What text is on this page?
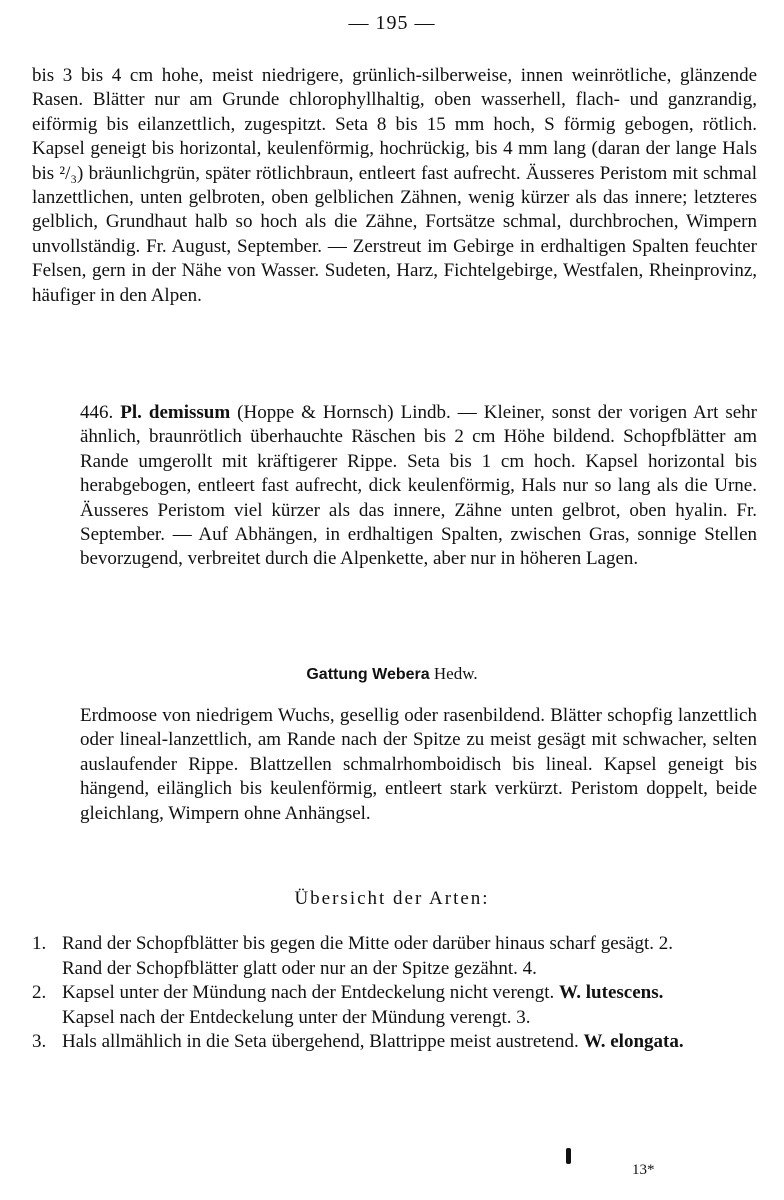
— 195 —
bis 3 bis 4 cm hohe, meist niedrigere, grünlich-silberweise, innen weinrötliche, glänzende Rasen. Blätter nur am Grunde chlorophyllhaltig, oben wasserhell, flach- und ganzrandig, eiförmig bis eilanzettlich, zugespitzt. Seta 8 bis 15 mm hoch, S förmig gebogen, rötlich. Kapsel geneigt bis horizontal, keulenförmig, hochrückig, bis 4 mm lang (daran der lange Hals bis ²/₃) bräunlichgrün, später rötlichbraun, entleert fast aufrecht. Äusseres Peristom mit schmal lanzettlichen, unten gelbroten, oben gelblichen Zähnen, wenig kürzer als das innere; letzteres gelblich, Grundhaut halb so hoch als die Zähne, Fortsätze schmal, durchbrochen, Wimpern unvollständig. Fr. August, September. — Zerstreut im Gebirge in erdhaltigen Spalten feuchter Felsen, gern in der Nähe von Wasser. Sudeten, Harz, Fichtelgebirge, Westfalen, Rheinprovinz, häufiger in den Alpen.
446. Pl. demissum (Hoppe & Hornsch) Lindb. — Kleiner, sonst der vorigen Art sehr ähnlich, braunrötlich überhauchte Räschen bis 2 cm Höhe bildend. Schopfblätter am Rande umgerollt mit kräftigerer Rippe. Seta bis 1 cm hoch. Kapsel horizontal bis herabgebogen, entleert fast aufrecht, dick keulenförmig, Hals nur so lang als die Urne. Äusseres Peristom viel kürzer als das innere, Zähne unten gelbrot, oben hyalin. Fr. September. — Auf Abhängen, in erdhaltigen Spalten, zwischen Gras, sonnige Stellen bevorzugend, verbreitet durch die Alpenkette, aber nur in höheren Lagen.
Gattung Webera Hedw.
Erdmoose von niedrigem Wuchs, gesellig oder rasenbildend. Blätter schopfig lanzettlich oder lineal-lanzettlich, am Rande nach der Spitze zu meist gesägt mit schwacher, selten auslaufender Rippe. Blattzellen schmalrhomboidisch bis lineal. Kapsel geneigt bis hängend, eilänglich bis keulenförmig, entleert stark verkürzt. Peristom doppelt, beide gleichlang, Wimpern ohne Anhängsel.
Übersicht der Arten:
1. Rand der Schopfblätter bis gegen die Mitte oder darüber hinaus scharf gesägt. 2.
Rand der Schopfblätter glatt oder nur an der Spitze gezähnt. 4.
2. Kapsel unter der Mündung nach der Entdeckelung nicht verengt. W. lutescens.
Kapsel nach der Entdeckelung unter der Mündung verengt. 3.
3. Hals allmählich in die Seta übergehend, Blattrippe meist austretend. W. elongata.
13*
